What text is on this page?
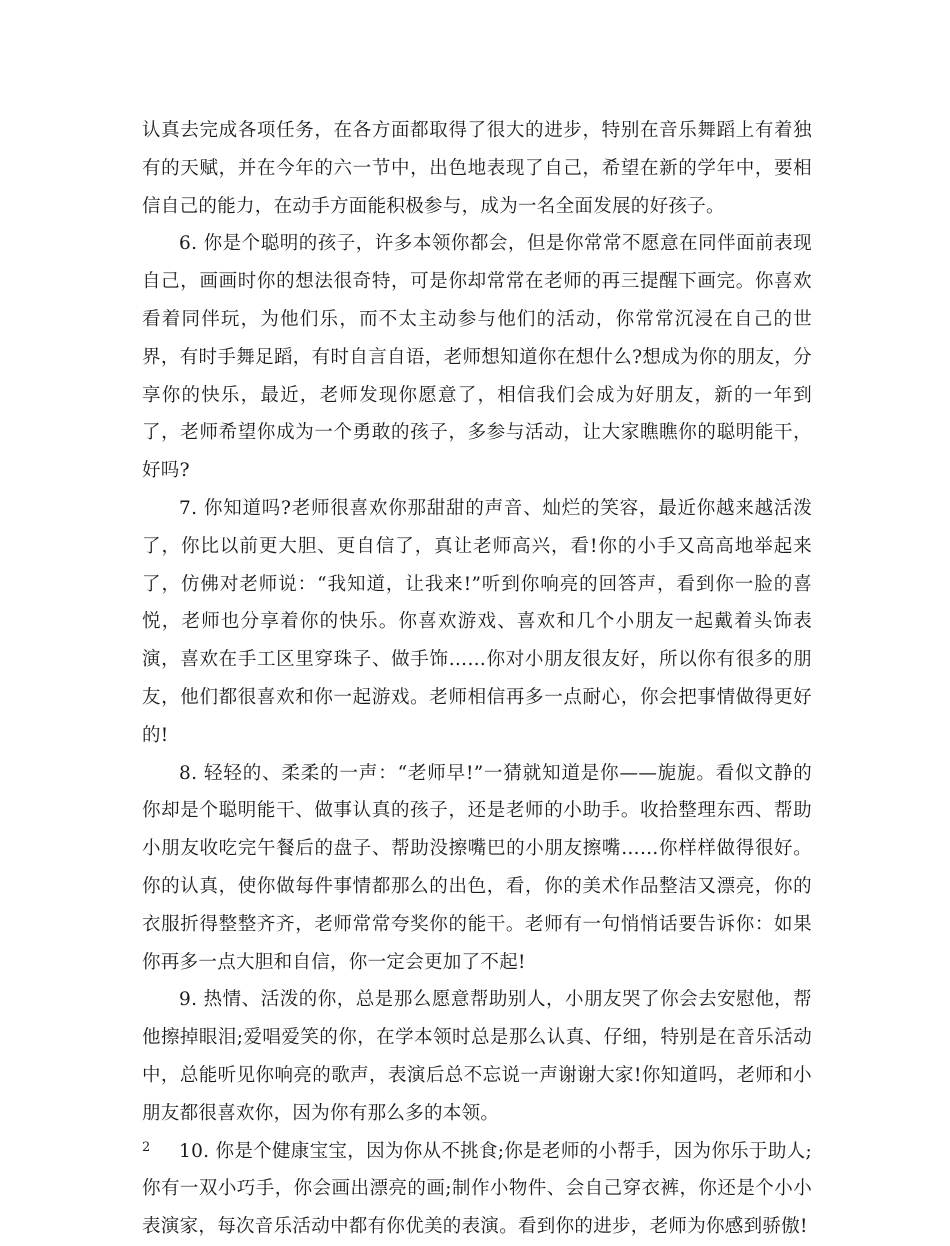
认真去完成各项任务，在各方面都取得了很大的进步，特别在音乐舞蹈上有着独有的天赋，并在今年的六一节中，出色地表现了自己，希望在新的学年中，要相信自己的能力，在动手方面能积极参与，成为一名全面发展的好孩子。

6. 你是个聪明的孩子，许多本领你都会，但是你常常不愿意在同伴面前表现自己，画画时你的想法很奇特，可是你却常常在老师的再三提醒下画完。你喜欢看着同伴玩，为他们乐，而不太主动参与他们的活动，你常常沉浸在自己的世界，有时手舞足蹈，有时自言自语，老师想知道你在想什么?想成为你的朋友，分享你的快乐，最近，老师发现你愿意了，相信我们会成为好朋友，新的一年到了，老师希望你成为一个勇敢的孩子，多参与活动，让大家瞧瞧你的聪明能干，好吗?

7. 你知道吗?老师很喜欢你那甜甜的声音、灿烂的笑容，最近你越来越活泼了，你比以前更大胆、更自信了，真让老师高兴，看!你的小手又高高地举起来了，仿佛对老师说：“我知道，让我来!”听到你响亮的回答声，看到你一脸的喜悦，老师也分享着你的快乐。你喜欢游戏、喜欢和几个小朋友一起戴着头饰表演，喜欢在手工区里穿珠子、做手饰……你对小朋友很友好，所以你有很多的朋友，他们都很喜欢和你一起游戏。老师相信再多一点耐心，你会把事情做得更好的!

8. 轻轻的、柔柔的一声：“老师早!”一猜就知道是你——旎旎。看似文静的你却是个聪明能干、做事认真的孩子，还是老师的小助手。收拾整理东西、帮助小朋友收吃完午餐后的盘子、帮助没擦嘴巴的小朋友擦嘴……你样样做得很好。你的认真，使你做每件事情都那么的出色，看，你的美术作品整洁又漂亮，你的衣服折得整整齐齐，老师常常夸奖你的能干。老师有一句悄悄话要告诉你：如果你再多一点大胆和自信，你一定会更加了不起!

9. 热情、活泼的你，总是那么愿意帮助别人，小朋友哭了你会去安慰他，帮他擦掉眼泪;爱唱爱笑的你，在学本领时总是那么认真、仔细，特别是在音乐活动中，总能听见你响亮的歌声，表演后总不忘说一声谢谢大家!你知道吗，老师和小朋友都很喜欢你，因为你有那么多的本领。

10. 你是个健康宝宝，因为你从不挑食;你是老师的小帮手，因为你乐于助人;你有一双小巧手，你会画出漂亮的画;制作小物件、会自己穿衣裤，你还是个小小表演家，每次音乐活动中都有你优美的表演。看到你的进步，老师为你感到骄傲!

2
